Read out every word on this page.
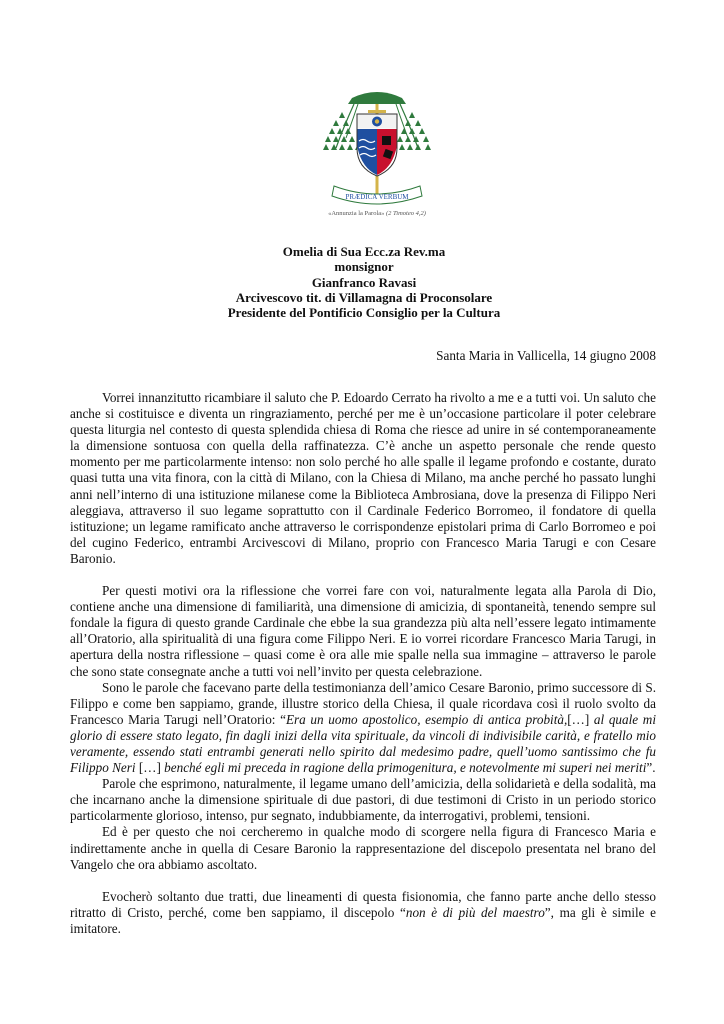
PRÆDICA VERBUM
«Annunzia la Parola» (2 Timoteo 4,2)
Omelia di Sua Ecc.za Rev.ma
monsignor
Gianfranco Ravasi
Arcivescovo tit. di Villamagna di Proconsolare
Presidente del Pontificio Consiglio per la Cultura
Santa Maria in Vallicella, 14 giugno 2008

Vorrei innanzitutto ricambiare il saluto che P. Edoardo Cerrato ha rivolto a me e a tutti voi. Un saluto che anche si costituisce e diventa un ringraziamento, perché per me è un’occasione particolare il poter celebrare questa liturgia nel contesto di questa splendida chiesa di Roma che riesce ad unire in sé contemporaneamente la dimensione sontuosa con quella della raffinatezza. C’è anche un aspetto personale che rende questo momento per me particolarmente intenso: non solo perché ho alle spalle il legame profondo e costante, durato quasi tutta una vita finora, con la città di Milano, con la Chiesa di Milano, ma anche perché ho passato lunghi anni nell’interno di una istituzione milanese come la Biblioteca Ambrosiana, dove la presenza di Filippo Neri aleggiava, attraverso il suo legame soprattutto con il Cardinale Federico Borromeo, il fondatore di quella istituzione; un legame ramificato anche attraverso le corrispondenze epistolari prima di Carlo Borromeo e poi del cugino Federico, entrambi Arcivescovi di Milano, proprio con Francesco Maria Tarugi e con Cesare Baronio.

Per questi motivi ora la riflessione che vorrei fare con voi, naturalmente legata alla Parola di Dio, contiene anche una dimensione di familiarità, una dimensione di amicizia, di spontaneità, tenendo sempre sul fondale la figura di questo grande Cardinale che ebbe la sua grandezza più alta nell’essere legato intimamente all’Oratorio, alla spiritualità di una figura come Filippo Neri. E io vorrei ricordare Francesco Maria Tarugi, in apertura della nostra riflessione – quasi come è ora alle mie spalle nella sua immagine – attraverso le parole che sono state consegnate anche a tutti voi nell’invito per questa celebrazione.

Sono le parole che facevano parte della testimonianza dell’amico Cesare Baronio, primo successore di S. Filippo e come ben sappiamo, grande, illustre storico della Chiesa, il quale ricordava così il ruolo svolto da Francesco Maria Tarugi nell’Oratorio: “Era un uomo apostolico, esempio di antica probità,[…] al quale mi glorio di essere stato legato, fin dagli inizi della vita spirituale, da vincoli di indivisibile carità, e fratello mio veramente, essendo stati entrambi generati nello spirito dal medesimo padre, quell’uomo santissimo che fu Filippo Neri […] benché egli mi preceda in ragione della primogenitura, e notevolmente mi superi nei meriti”.

Parole che esprimono, naturalmente, il legame umano dell’amicizia, della solidarietà e della sodalità, ma che incarnano anche la dimensione spirituale di due pastori, di due testimoni di Cristo in un periodo storico particolarmente glorioso, intenso, pur segnato, indubbiamente, da interrogativi, problemi, tensioni.

Ed è per questo che noi cercheremo in qualche modo di scorgere nella figura di Francesco Maria e indirettamente anche in quella di Cesare Baronio la rappresentazione del discepolo presentata nel brano del Vangelo che ora abbiamo ascoltato.

Evocherò soltanto due tratti, due lineamenti di questa fisionomia, che fanno parte anche dello stesso ritratto di Cristo, perché, come ben sappiamo, il discepolo “non è di più del maestro”, ma gli è simile e imitatore.
